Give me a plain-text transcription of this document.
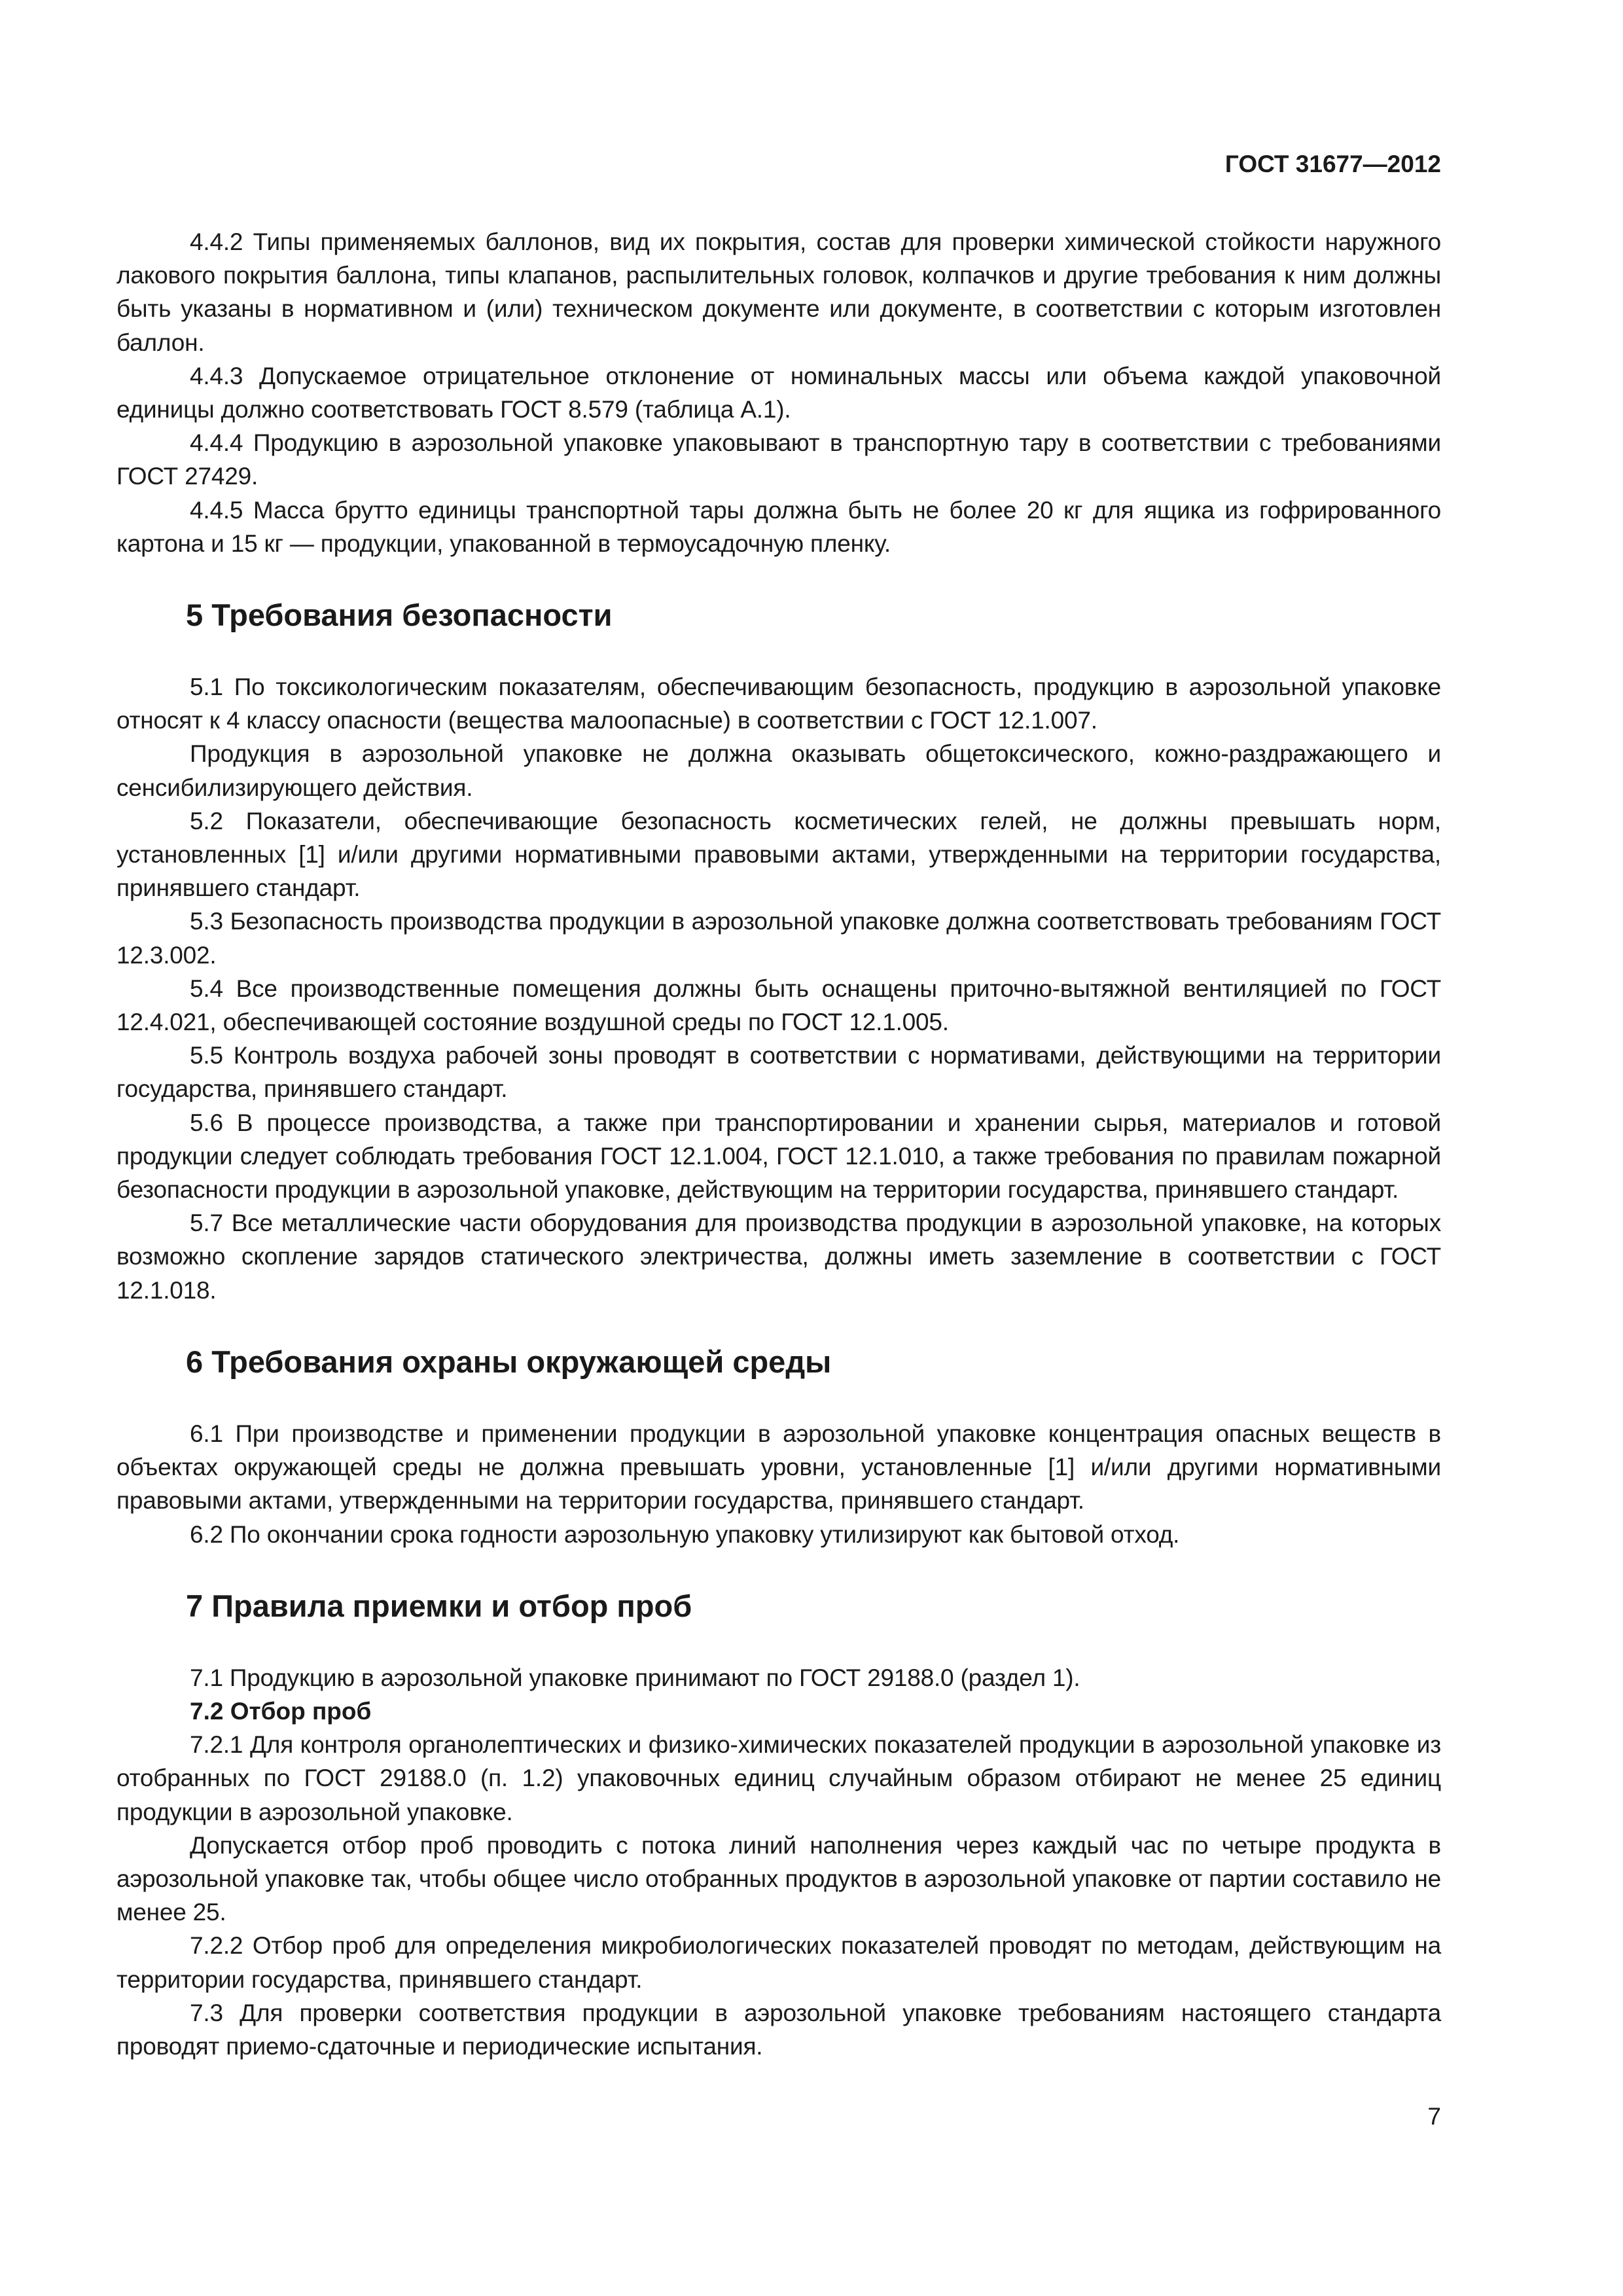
ГОСТ 31677—2012

4.4.2 Типы применяемых баллонов, вид их покрытия, состав для проверки химической стойкости наружного лакового покрытия баллона, типы клапанов, распылительных головок, колпачков и другие требования к ним должны быть указаны в нормативном и (или) техническом документе или документе, в соответствии с которым изготовлен баллон.

4.4.3 Допускаемое отрицательное отклонение от номинальных массы или объема каждой упаковочной единицы должно соответствовать ГОСТ 8.579 (таблица А.1).

4.4.4 Продукцию в аэрозольной упаковке упаковывают в транспортную тару в соответствии с требованиями ГОСТ 27429.

4.4.5 Масса брутто единицы транспортной тары должна быть не более 20 кг для ящика из гофрированного картона и 15 кг — продукции, упакованной в термоусадочную пленку.

5 Требования безопасности

5.1 По токсикологическим показателям, обеспечивающим безопасность, продукцию в аэрозольной упаковке относят к 4 классу опасности (вещества малоопасные) в соответствии с ГОСТ 12.1.007.

Продукция в аэрозольной упаковке не должна оказывать общетоксического, кожно-раздражающего и сенсибилизирующего действия.

5.2 Показатели, обеспечивающие безопасность косметических гелей, не должны превышать норм, установленных [1] и/или другими нормативными правовыми актами, утвержденными на территории государства, принявшего стандарт.

5.3 Безопасность производства продукции в аэрозольной упаковке должна соответствовать требованиям ГОСТ 12.3.002.

5.4 Все производственные помещения должны быть оснащены приточно-вытяжной вентиляцией по ГОСТ 12.4.021, обеспечивающей состояние воздушной среды по ГОСТ 12.1.005.

5.5 Контроль воздуха рабочей зоны проводят в соответствии с нормативами, действующими на территории государства, принявшего стандарт.

5.6 В процессе производства, а также при транспортировании и хранении сырья, материалов и готовой продукции следует соблюдать требования ГОСТ 12.1.004, ГОСТ 12.1.010, а также требования по правилам пожарной безопасности продукции в аэрозольной упаковке, действующим на территории государства, принявшего стандарт.

5.7 Все металлические части оборудования для производства продукции в аэрозольной упаковке, на которых возможно скопление зарядов статического электричества, должны иметь заземление в соответствии с ГОСТ 12.1.018.

6 Требования охраны окружающей среды

6.1 При производстве и применении продукции в аэрозольной упаковке концентрация опасных веществ в объектах окружающей среды не должна превышать уровни, установленные [1] и/или другими нормативными правовыми актами, утвержденными на территории государства, принявшего стандарт.

6.2 По окончании срока годности аэрозольную упаковку утилизируют как бытовой отход.

7 Правила приемки и отбор проб

7.1 Продукцию в аэрозольной упаковке принимают по ГОСТ 29188.0 (раздел 1).

7.2 Отбор проб

7.2.1 Для контроля органолептических и физико-химических показателей продукции в аэрозольной упаковке из отобранных по ГОСТ 29188.0 (п. 1.2) упаковочных единиц случайным образом отбирают не менее 25 единиц продукции в аэрозольной упаковке.

Допускается отбор проб проводить с потока линий наполнения через каждый час по четыре продукта в аэрозольной упаковке так, чтобы общее число отобранных продуктов в аэрозольной упаковке от партии составило не менее 25.

7.2.2 Отбор проб для определения микробиологических показателей проводят по методам, действующим на территории государства, принявшего стандарт.

7.3 Для проверки соответствия продукции в аэрозольной упаковке требованиям настоящего стандарта проводят приемо-сдаточные и периодические испытания.

7
